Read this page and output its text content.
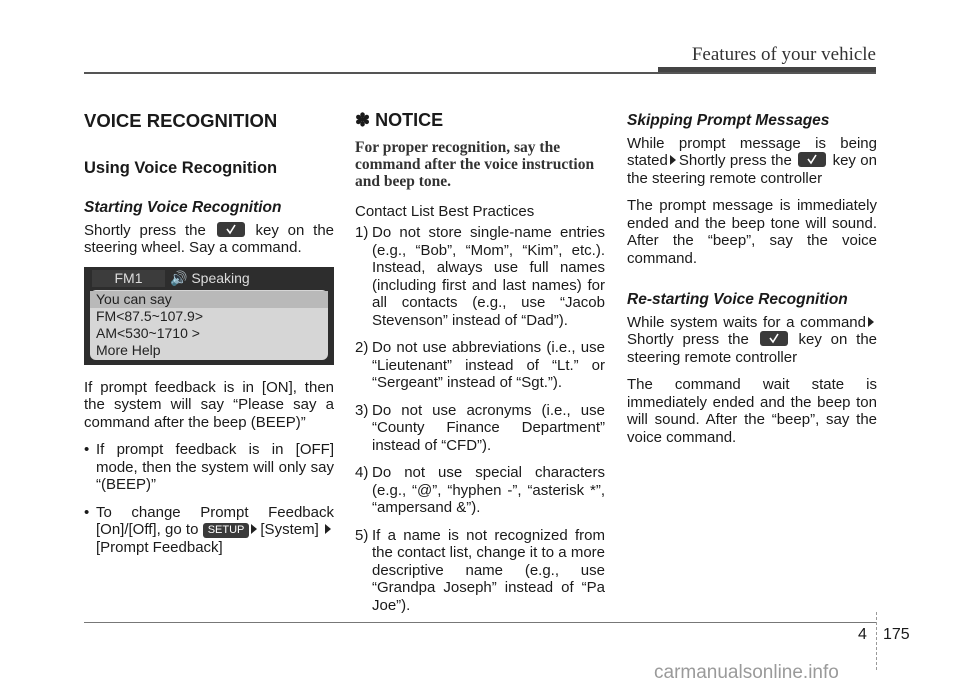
Features of your vehicle
VOICE RECOGNITION
Using Voice Recognition
Starting Voice Recognition

Shortly press the	key on the steering wheel. Say a command.

FM1	🔊 Speaking
You can say
FM<87.5~107.9>
AM<530~1710 >
More Help

If prompt feedback is in [ON], then the system will say “Please say a command after the beep (BEEP)”

• If prompt feedback is in [OFF] mode, then the system will only say “(BEEP)”
• To change Prompt Feedback [On]/[Off], go to SETUP [System] [Prompt Feedback]
✽ NOTICE
For proper recognition, say the command after the voice instruction and beep tone.

Contact List Best Practices

1) Do not store single-name entries (e.g., “Bob”, “Mom”, “Kim”, etc.). Instead, always use full names (including first and last names) for all contacts (e.g., use “Jacob Stevenson” instead of “Dad”).
2) Do not use abbreviations (i.e., use “Lieutenant” instead of “Lt.” or “Sergeant” instead of “Sgt.”).
3) Do not use acronyms (i.e., use “County Finance Department” instead of “CFD”).
4) Do not use special characters (e.g., “@”, “hyphen -”, “asterisk *”, “ampersand &”).
5) If a name is not recognized from the contact list, change it to a more descriptive name (e.g., use “Grandpa Joseph” instead of “Pa Joe”).
Skipping Prompt Messages

While prompt message is being stated Shortly press the	key on the steering remote controller

The prompt message is immediately ended and the beep tone will sound. After the “beep”, say the voice command.

Re-starting Voice Recognition

While system waits for a command Shortly press the	key on the steering remote controller

The command wait state is immediately ended and the beep ton will sound. After the “beep”, say the voice command.

4 175
carmanualsonline.info
